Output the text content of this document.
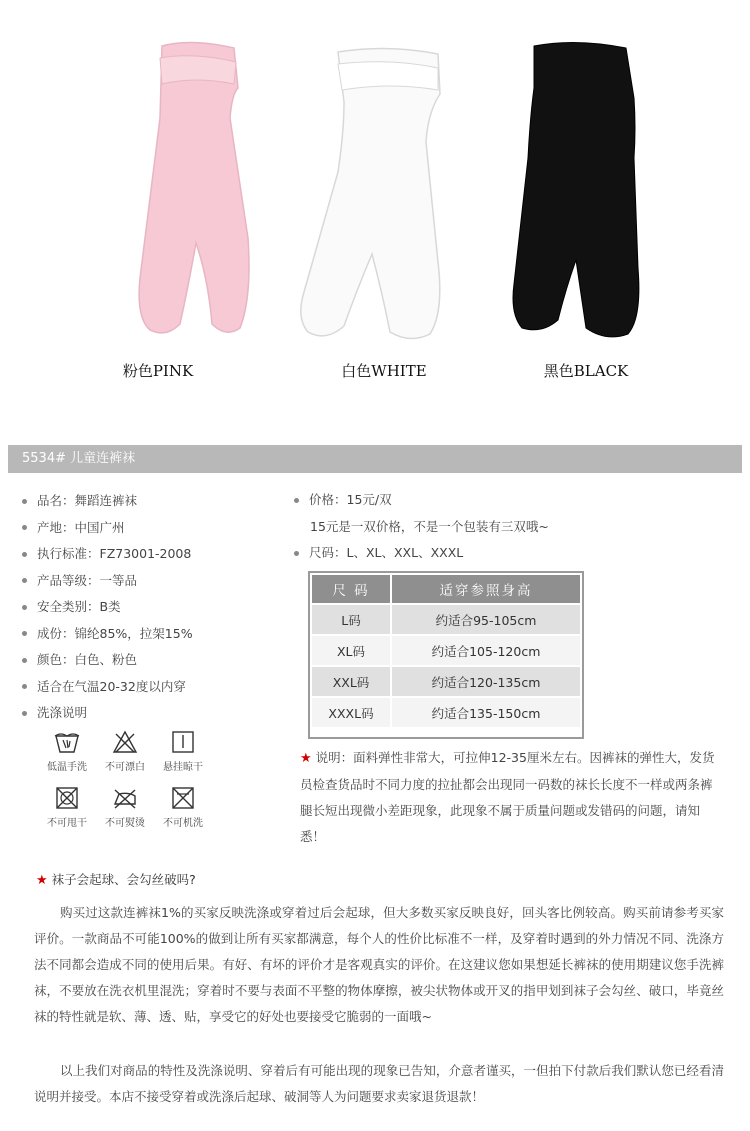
粉色PINK	白色WHITE	黑色BLACK
5534# 儿童连裤袜
品名：舞蹈连裤袜
产地：中国广州
执行标准：FZ73001-2008
产品等级：一等品
安全类别：B类
成份：锦纶85%，拉架15%
颜色：白色、粉色
适合在气温20-32度以内穿
洗涤说明
低温手洗	不可漂白	悬挂晾干
不可甩干	不可熨烫	不可机洗
价格：15元/双
15元是一双价格，不是一个包装有三双哦~
尺码：L、XL、XXL、XXXL
尺 码	适穿参照身高
L码	约适合95-105cm
XL码	约适合105-120cm
XXL码	约适合120-135cm
XXXL码	约适合135-150cm
★ 说明：面料弹性非常大，可拉伸12-35厘米左右。因裤袜的弹性大，发货员检查货品时不同力度的拉扯都会出现同一码数的袜长长度不一样或两条裤腿长短出现微小差距现象，此现象不属于质量问题或发错码的问题，请知悉！
★ 袜子会起球、会勾丝破吗?
购买过这款连裤袜1%的买家反映洗涤或穿着过后会起球，但大多数买家反映良好，回头客比例较高。购买前请参考买家评价。一款商品不可能100%的做到让所有买家都满意，每个人的性价比标准不一样，及穿着时遇到的外力情况不同、洗涤方法不同都会造成不同的使用后果。有好、有坏的评价才是客观真实的评价。在这建议您如果想延长裤袜的使用期建议您手洗裤袜，不要放在洗衣机里混洗；穿着时不要与表面不平整的物体摩擦，被尖状物体或开叉的指甲划到袜子会勾丝、破口，毕竟丝袜的特性就是软、薄、透、贴，享受它的好处也要接受它脆弱的一面哦~
以上我们对商品的特性及洗涤说明、穿着后有可能出现的现象已告知，介意者谨买，一但拍下付款后我们默认您已经看清说明并接受。本店不接受穿着或洗涤后起球、破洞等人为问题要求卖家退货退款！
